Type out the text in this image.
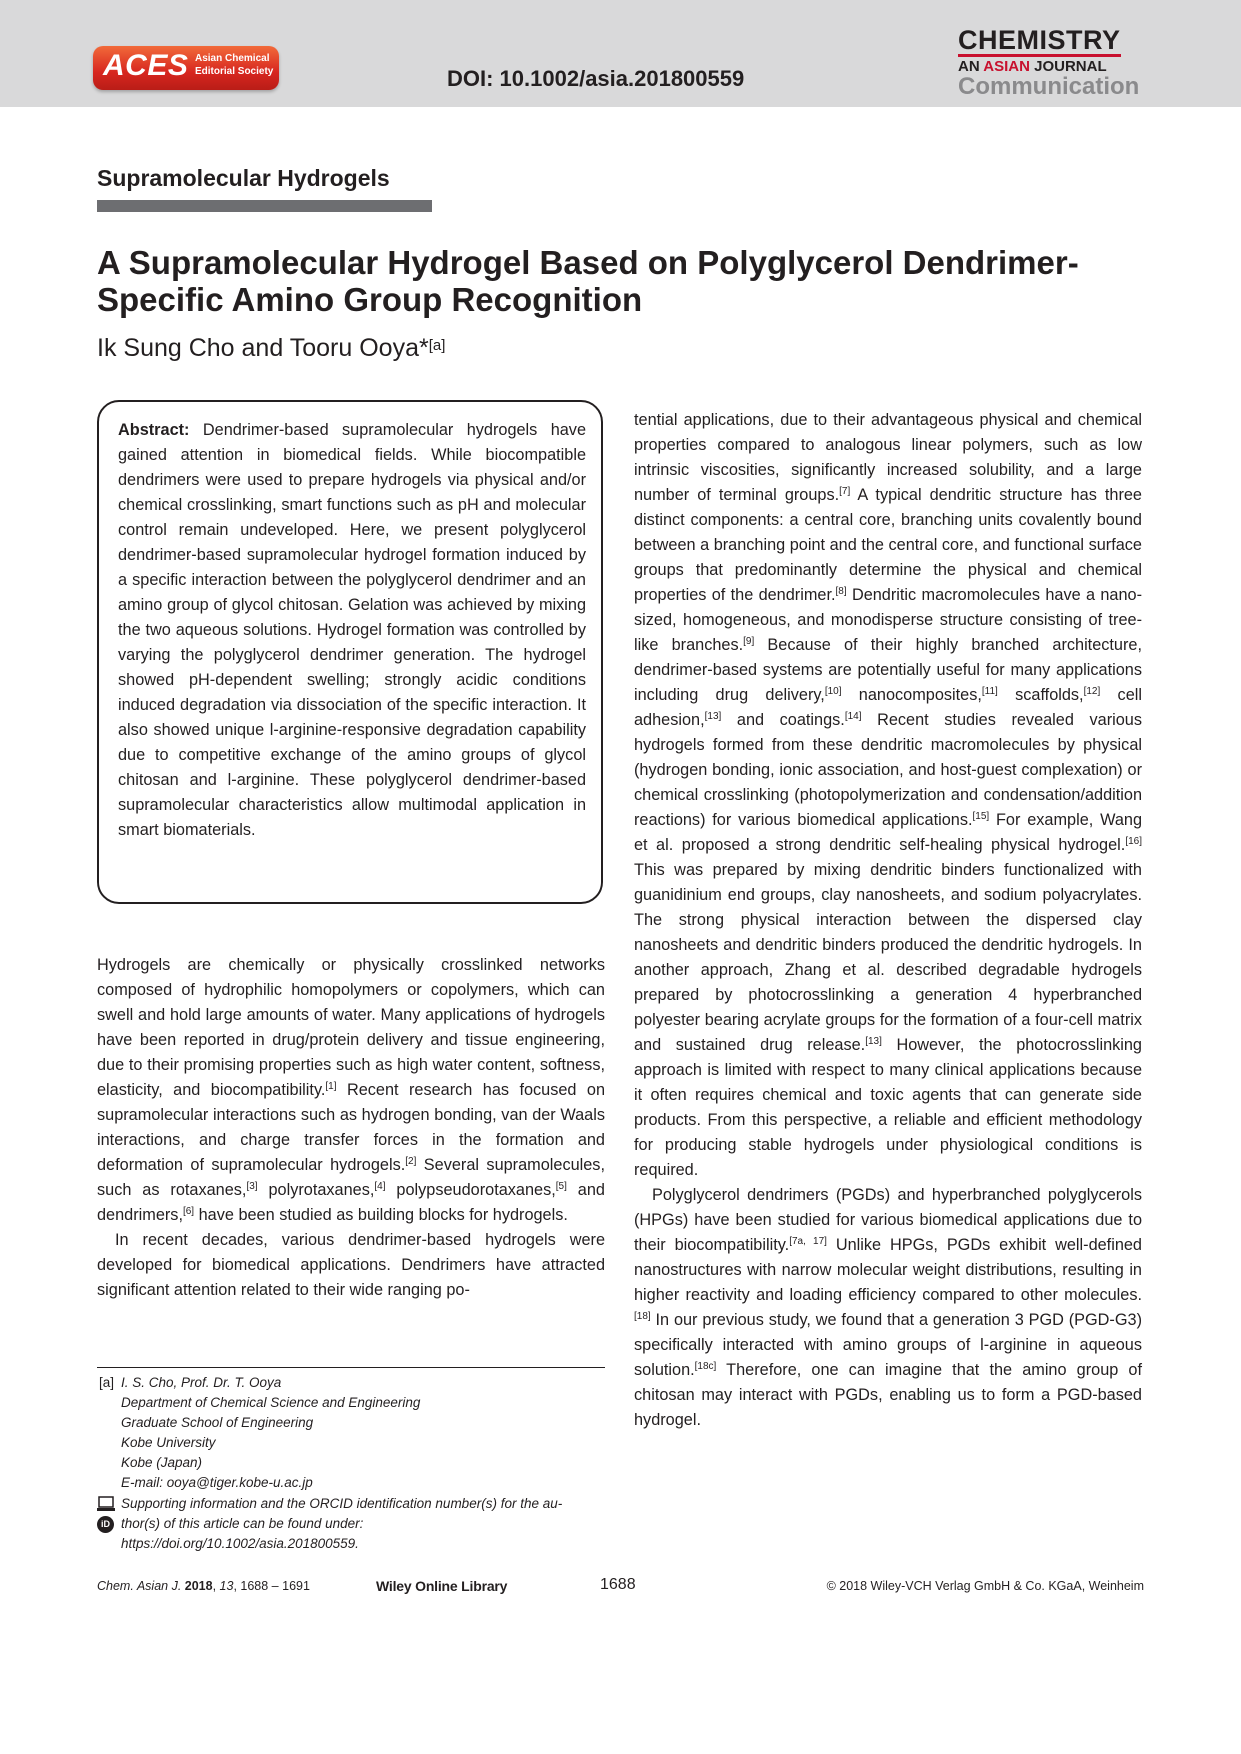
ACES Asian Chemical
Editorial Society	DOI: 10.1002/asia.201800559
CHEMISTRY
AN ASIAN JOURNAL
Communication
Supramolecular Hydrogels
A Supramolecular Hydrogel Based on Polyglycerol Dendrimer-Specific Amino Group Recognition
Ik Sung Cho and Tooru Ooya*[a]
Abstract: Dendrimer-based supramolecular hydrogels have gained attention in biomedical fields. While biocompatible dendrimers were used to prepare hydrogels via physical and/or chemical crosslinking, smart functions such as pH and molecular control remain undeveloped. Here, we present polyglycerol dendrimer-based supramolecular hydrogel formation induced by a specific interaction between the polyglycerol dendrimer and an amino group of glycol chitosan. Gelation was achieved by mixing the two aqueous solutions. Hydrogel formation was controlled by varying the polyglycerol dendrimer generation. The hydrogel showed pH-dependent swelling; strongly acidic conditions induced degradation via dissociation of the specific interaction. It also showed unique l-arginine-responsive degradation capability due to competitive exchange of the amino groups of glycol chitosan and l-arginine. These polyglycerol dendrimer-based supramolecular characteristics allow multimodal application in smart biomaterials.

Hydrogels are chemically or physically crosslinked networks composed of hydrophilic homopolymers or copolymers, which can swell and hold large amounts of water. Many applications of hydrogels have been reported in drug/protein delivery and tissue engineering, due to their promising properties such as high water content, softness, elasticity, and biocompatibility.[1] Recent research has focused on supramolecular interactions such as hydrogen bonding, van der Waals interactions, and charge transfer forces in the formation and deformation of supramolecular hydrogels.[2] Several supramolecules, such as rotaxanes,[3] polyrotaxanes,[4] polypseudorotaxanes,[5] and dendrimers,[6] have been studied as building blocks for hydrogels.

In recent decades, various dendrimer-based hydrogels were developed for biomedical applications. Dendrimers have attracted significant attention related to their wide ranging po-

tential applications, due to their advantageous physical and chemical properties compared to analogous linear polymers, such as low intrinsic viscosities, significantly increased solubility, and a large number of terminal groups.[7] A typical dendritic structure has three distinct components: a central core, branching units covalently bound between a branching point and the central core, and functional surface groups that predominantly determine the physical and chemical properties of the dendrimer.[8] Dendritic macromolecules have a nano-sized, homogeneous, and monodisperse structure consisting of tree-like branches.[9] Because of their highly branched architecture, dendrimer-based systems are potentially useful for many applications including drug delivery,[10] nanocomposites,[11] scaffolds,[12] cell adhesion,[13] and coatings.[14] Recent studies revealed various hydrogels formed from these dendritic macromolecules by physical (hydrogen bonding, ionic association, and host-guest complexation) or chemical crosslinking (photopolymerization and condensation/addition reactions) for various biomedical applications.[15] For example, Wang et al. proposed a strong dendritic self-healing physical hydrogel.[16] This was prepared by mixing dendritic binders functionalized with guanidinium end groups, clay nanosheets, and sodium polyacrylates. The strong physical interaction between the dispersed clay nanosheets and dendritic binders produced the dendritic hydrogels. In another approach, Zhang et al. described degradable hydrogels prepared by photocrosslinking a generation 4 hyperbranched polyester bearing acrylate groups for the formation of a four-cell matrix and sustained drug release.[13] However, the photocrosslinking approach is limited with respect to many clinical applications because it often requires chemical and toxic agents that can generate side products. From this perspective, a reliable and efficient methodology for producing stable hydrogels under physiological conditions is required.

Polyglycerol dendrimers (PGDs) and hyperbranched polyglycerols (HPGs) have been studied for various biomedical applications due to their biocompatibility.[7a, 17] Unlike HPGs, PGDs exhibit well-defined nanostructures with narrow molecular weight distributions, resulting in higher reactivity and loading efficiency compared to other molecules.[18] In our previous study, we found that a generation 3 PGD (PGD-G3) specifically interacted with amino groups of l-arginine in aqueous solution.[18c] Therefore, one can imagine that the amino group of chitosan may interact with PGDs, enabling us to form a PGD-based hydrogel.

[a] I. S. Cho, Prof. Dr. T. Ooya
Department of Chemical Science and Engineering
Graduate School of Engineering
Kobe University
Kobe (Japan)
E-mail: ooya@tiger.kobe-u.ac.jp
iD
Supporting information and the ORCID identification number(s) for the au-
thor(s) of this article can be found under:
https://doi.org/10.1002/asia.201800559.
Chem. Asian J. 2018, 13, 1688 – 1691	Wiley Online Library	1688	© 2018 Wiley-VCH Verlag GmbH & Co. KGaA, Weinheim
